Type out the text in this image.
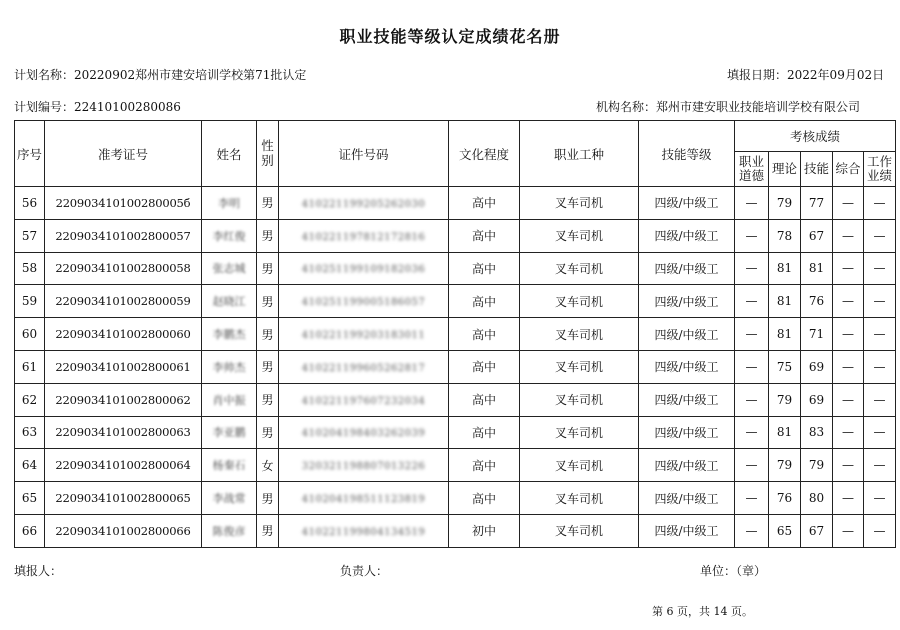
职业技能等级认定成绩花名册
计划名称：20220902郑州市建安培训学校第71批认定	填报日期：2022年09月02日
计划编号：22410100280086	机构名称：郑州市建安职业技能培训学校有限公司
序号	准考证号	姓名	性别	证件号码	文化程度	职业工种	技能等级	考核成绩				
								职业道德	理论	技能	综合	工作业绩
56	220903410100280005б	李明	男	410221199205262030	高中	叉车司机	四级/中级工	—	79	77	—	—
57	2209034101002800057	李红俊	男	410221197812172816	高中	叉车司机	四级/中级工	—	78	67	—	—
58	2209034101002800058	张志城	男	410251199109182036	高中	叉车司机	四级/中级工	—	81	81	—	—
59	2209034101002800059	赵晓江	男	410251199005186057	高中	叉车司机	四级/中级工	—	81	76	—	—
60	2209034101002800060	李鹏杰	男	410221199203183011	高中	叉车司机	四级/中级工	—	81	71	—	—
61	2209034101002800061	李帅杰	男	410221199605262817	高中	叉车司机	四级/中级工	—	75	69	—	—
62	2209034101002800062	肖中振	男	410221197607232034	高中	叉车司机	四级/中级工	—	79	69	—	—
63	2209034101002800063	李亚鹏	男	410204198403262039	高中	叉车司机	四级/中级工	—	81	83	—	—
64	2209034101002800064	杨秦石	女	320321198807013226	高中	叉车司机	四级/中级工	—	79	79	—	—
65	2209034101002800065	李战常	男	410204198511123819	高中	叉车司机	四级/中级工	—	76	80	—	—
66	2209034101002800066	陈俊彦	男	410221199804134519	初中	叉车司机	四级/中级工	—	65	67	—	—
填报人：	负责人：	单位：（章）
第 6 页，共 14 页。
